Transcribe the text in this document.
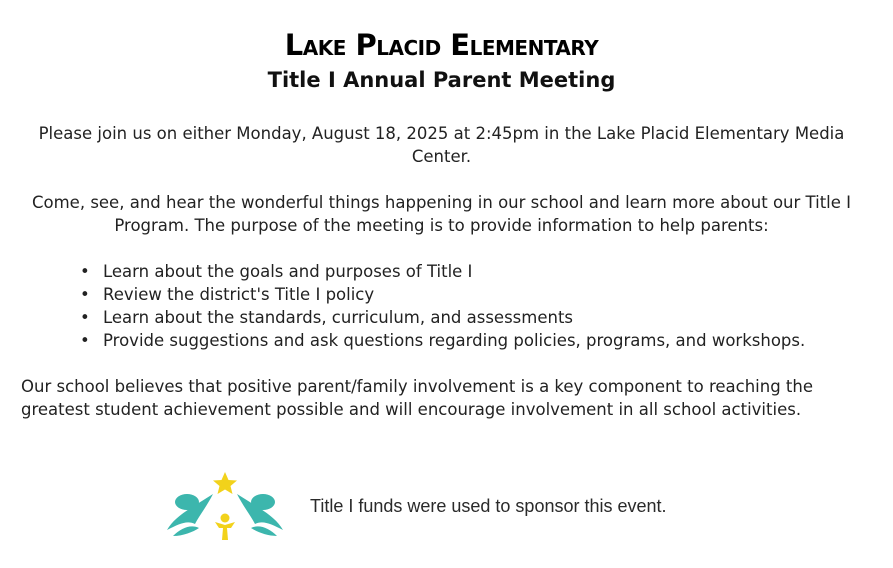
Lake Placid Elementary
Title I Annual Parent Meeting
Please join us on either Monday, August 18, 2025 at 2:45pm in the Lake Placid Elementary Media Center.
Come, see, and hear the wonderful things happening in our school and learn more about our Title I Program. The purpose of the meeting is to provide information to help parents:
• Learn about the goals and purposes of Title I
• Review the district's Title I policy
• Learn about the standards, curriculum, and assessments
• Provide suggestions and ask questions regarding policies, programs, and workshops.
Our school believes that positive parent/family involvement is a key component to reaching the greatest student achievement possible and will encourage involvement in all school activities.
Title I funds were used to sponsor this event.
